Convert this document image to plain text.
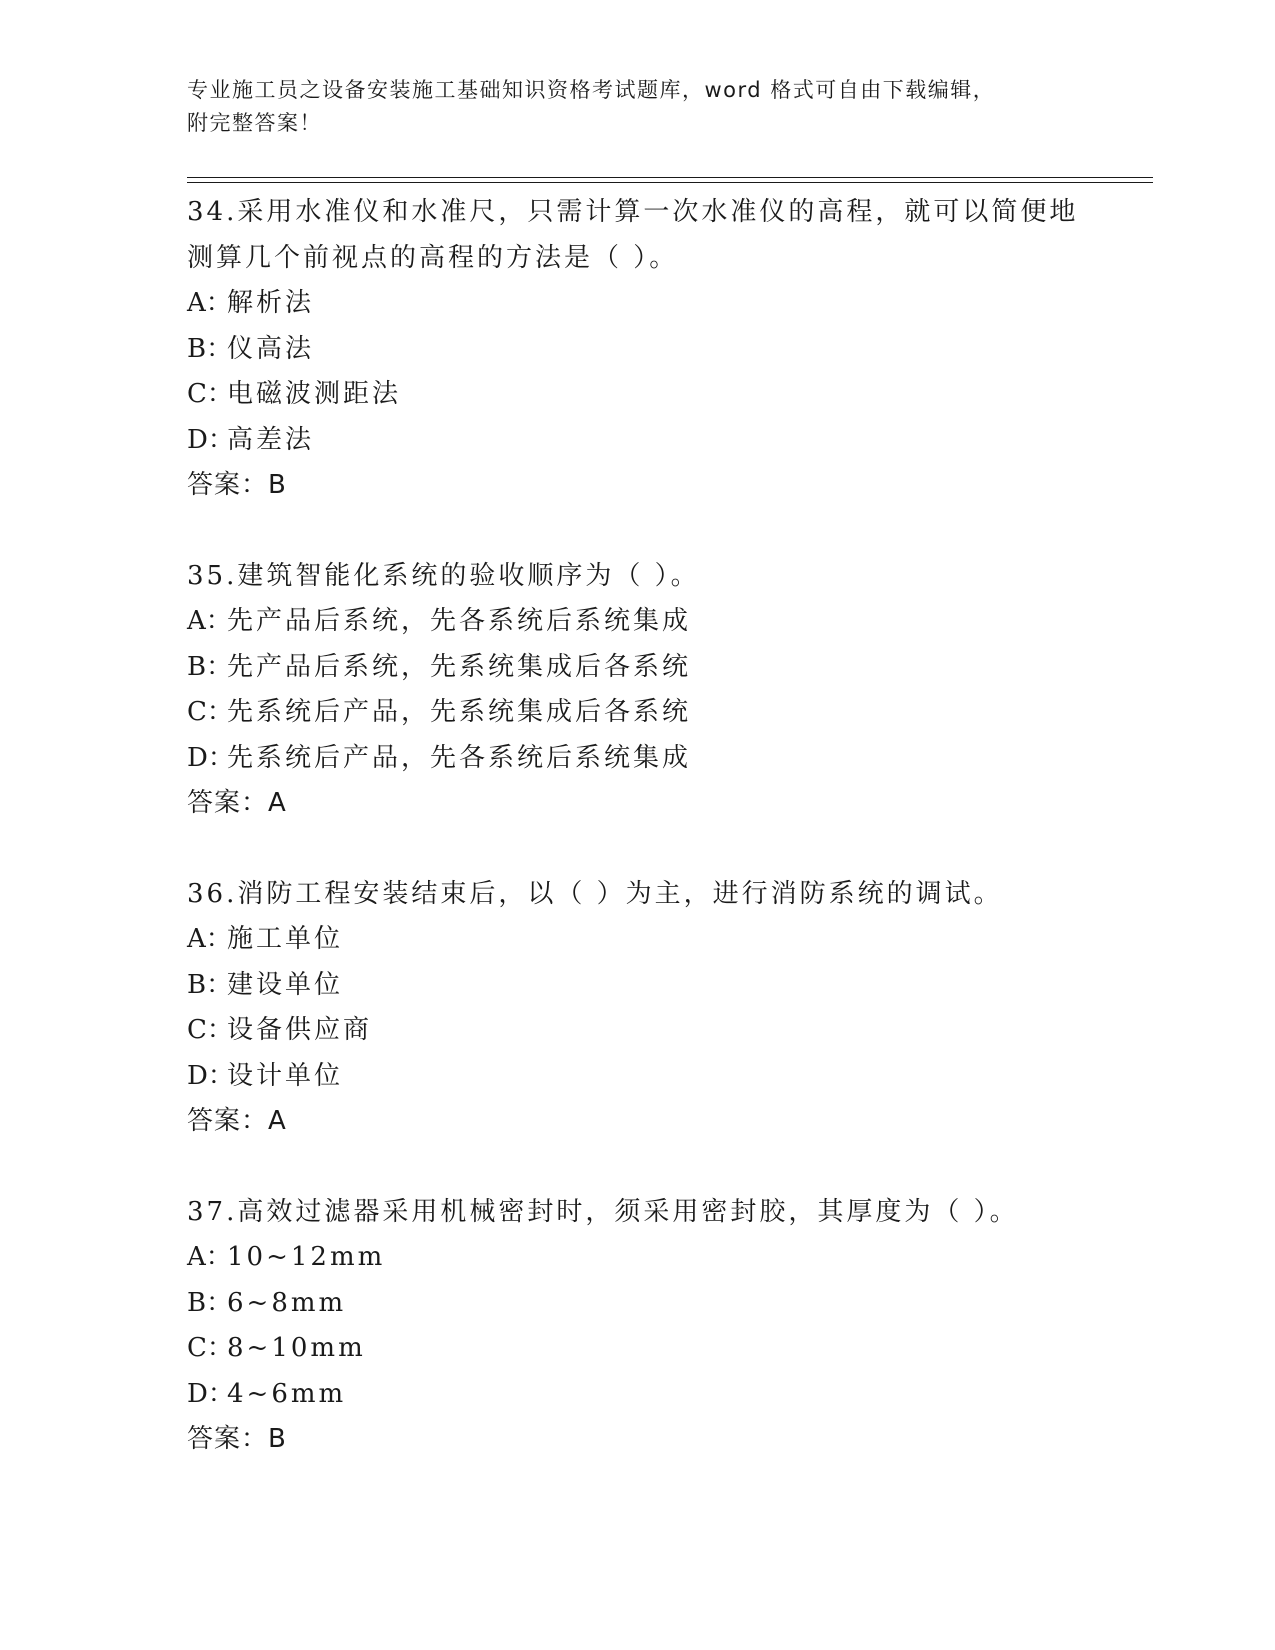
专业施工员之设备安装施工基础知识资格考试题库，word 格式可自由下载编辑，

附完整答案！

34.采用水准仪和水准尺，只需计算一次水准仪的高程，就可以简便地测算几个前视点的高程的方法是（ ）。

A：解析法

B：仪高法

C：电磁波测距法

D：高差法

答案：B

35.建筑智能化系统的验收顺序为（ ）。

A：先产品后系统，先各系统后系统集成

B：先产品后系统，先系统集成后各系统

C：先系统后产品，先系统集成后各系统

D：先系统后产品，先各系统后系统集成

答案：A

36.消防工程安装结束后，以（ ）为主，进行消防系统的调试。

A：施工单位

B：建设单位

C：设备供应商

D：设计单位

答案：A

37.高效过滤器采用机械密封时，须采用密封胶，其厚度为（ ）。

A：10~12mm

B：6~8mm

C：8~10mm

D：4~6mm

答案：B
